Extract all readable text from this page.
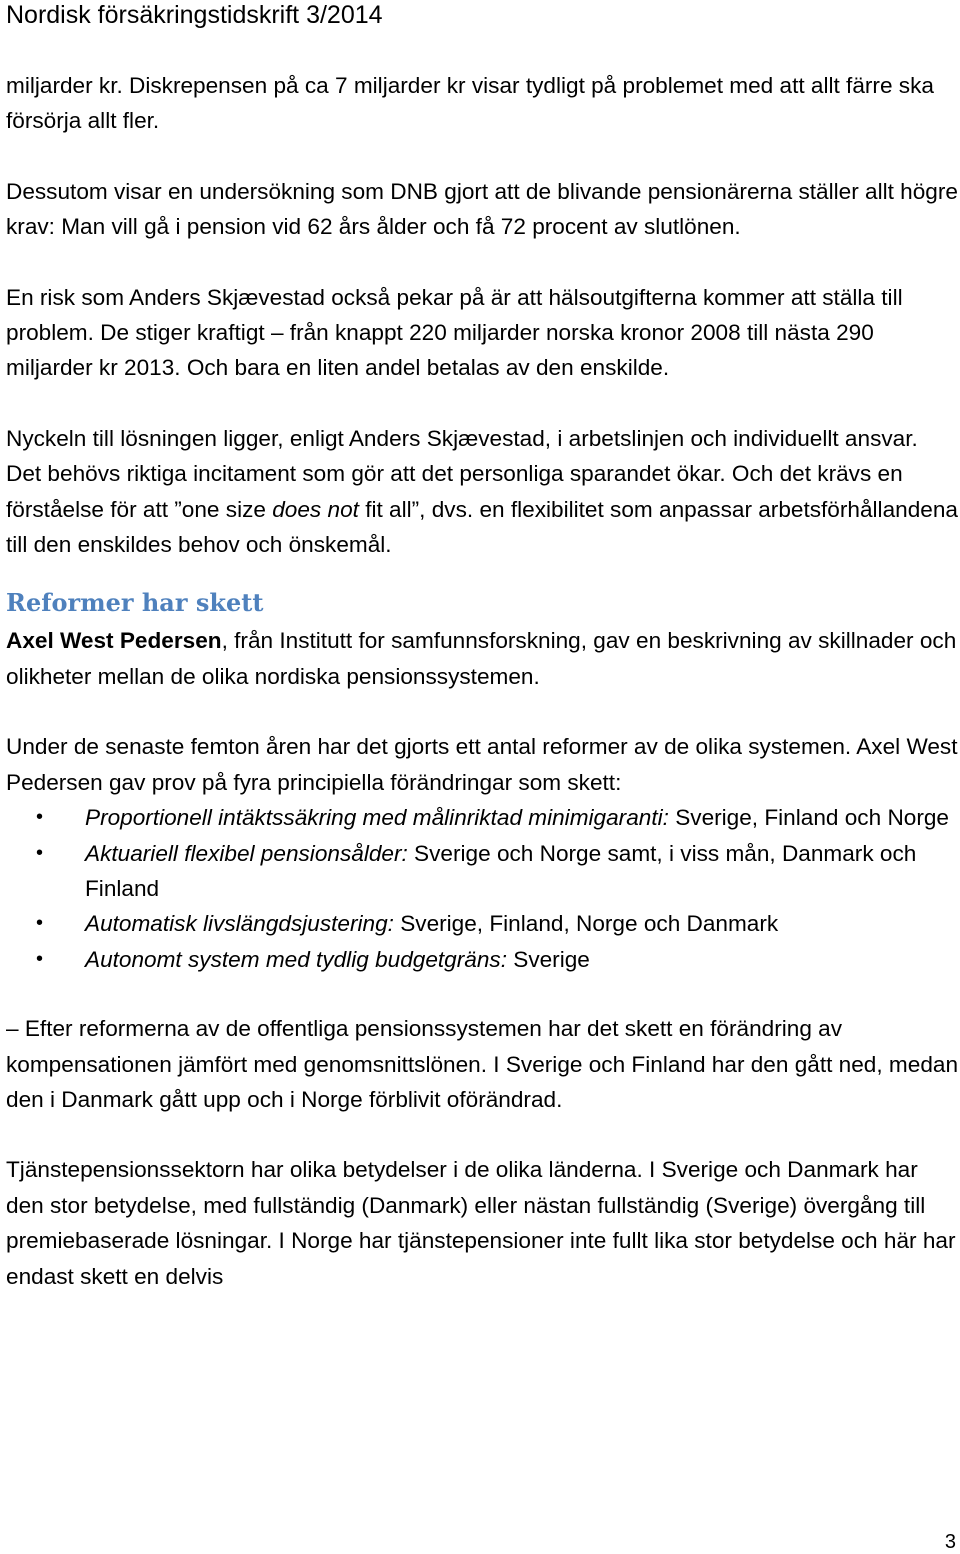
Nordisk försäkringstidskrift 3/2014

miljarder kr. Diskrepensen på ca 7 miljarder kr visar tydligt på problemet med att allt färre ska försörja allt fler.

Dessutom visar en undersökning som DNB gjort att de blivande pensionärerna ställer allt högre krav: Man vill gå i pension vid 62 års ålder och få 72 procent av slutlönen.

En risk som Anders Skjævestad också pekar på är att hälsoutgifterna kommer att ställa till problem. De stiger kraftigt – från knappt 220 miljarder norska kronor 2008 till nästa 290 miljarder kr 2013. Och bara en liten andel betalas av den enskilde.

Nyckeln till lösningen ligger, enligt Anders Skjævestad, i arbetslinjen och individuellt ansvar. Det behövs riktiga incitament som gör att det personliga sparandet ökar. Och det krävs en förståelse för att ”one size does not fit all”, dvs. en flexibilitet som anpassar arbetsförhållandena till den enskildes behov och önskemål.

Reformer har skett

Axel West Pedersen, från Institutt for samfunnsforskning, gav en beskrivning av skillnader och olikheter mellan de olika nordiska pensionssystemen.

Under de senaste femton åren har det gjorts ett antal reformer av de olika systemen. Axel West Pedersen gav prov på fyra principiella förändringar som skett:

• Proportionell intäktssäkring med målinriktad minimigaranti: Sverige, Finland och Norge
• Aktuariell flexibel pensionsålder: Sverige och Norge samt, i viss mån, Danmark och Finland
• Automatisk livslängdsjustering: Sverige, Finland, Norge och Danmark
• Autonomt system med tydlig budgetgräns: Sverige

– Efter reformerna av de offentliga pensionssystemen har det skett en förändring av kompensationen jämfört med genomsnittslönen. I Sverige och Finland har den gått ned, medan den i Danmark gått upp och i Norge förblivit oförändrad.

Tjänstepensionssektorn har olika betydelser i de olika länderna. I Sverige och Danmark har den stor betydelse, med fullständig (Danmark) eller nästan fullständig (Sverige) övergång till premiebaserade lösningar. I Norge har tjänstepensioner inte fullt lika stor betydelse och här har endast skett en delvis

3
